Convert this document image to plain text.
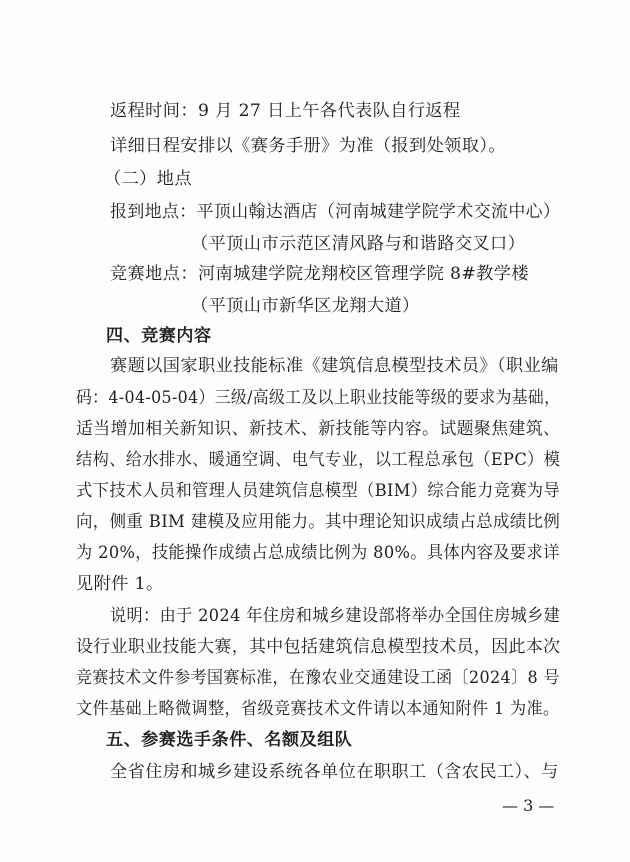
返程时间：9 月 27 日上午各代表队自行返程
详细日程安排以《赛务手册》为准（报到处领取）。
（二）地点
报到地点：平顶山翰达酒店（河南城建学院学术交流中心）
（平顶山市示范区清风路与和谐路交叉口）
竞赛地点：河南城建学院龙翔校区管理学院 8#教学楼
（平顶山市新华区龙翔大道）
四、竞赛内容
赛题以国家职业技能标准《建筑信息模型技术员》（职业编
码：4-04-05-04）三级/高级工及以上职业技能等级的要求为基础，
适当增加相关新知识、新技术、新技能等内容。试题聚焦建筑、
结构、给水排水、暖通空调、电气专业，以工程总承包（EPC）模
式下技术人员和管理人员建筑信息模型（BIM）综合能力竞赛为导
向，侧重 BIM 建模及应用能力。其中理论知识成绩占总成绩比例
为 20%，技能操作成绩占总成绩比例为 80%。具体内容及要求详
见附件 1。
说明：由于 2024 年住房和城乡建设部将举办全国住房城乡建
设行业职业技能大赛，其中包括建筑信息模型技术员，因此本次
竞赛技术文件参考国赛标准，在豫农业交通建设工函〔2024〕8 号
文件基础上略微调整，省级竞赛技术文件请以本通知附件 1 为准。
五、参赛选手条件、名额及组队
全省住房和城乡建设系统各单位在职职工（含农民工）、与
— 3 —
